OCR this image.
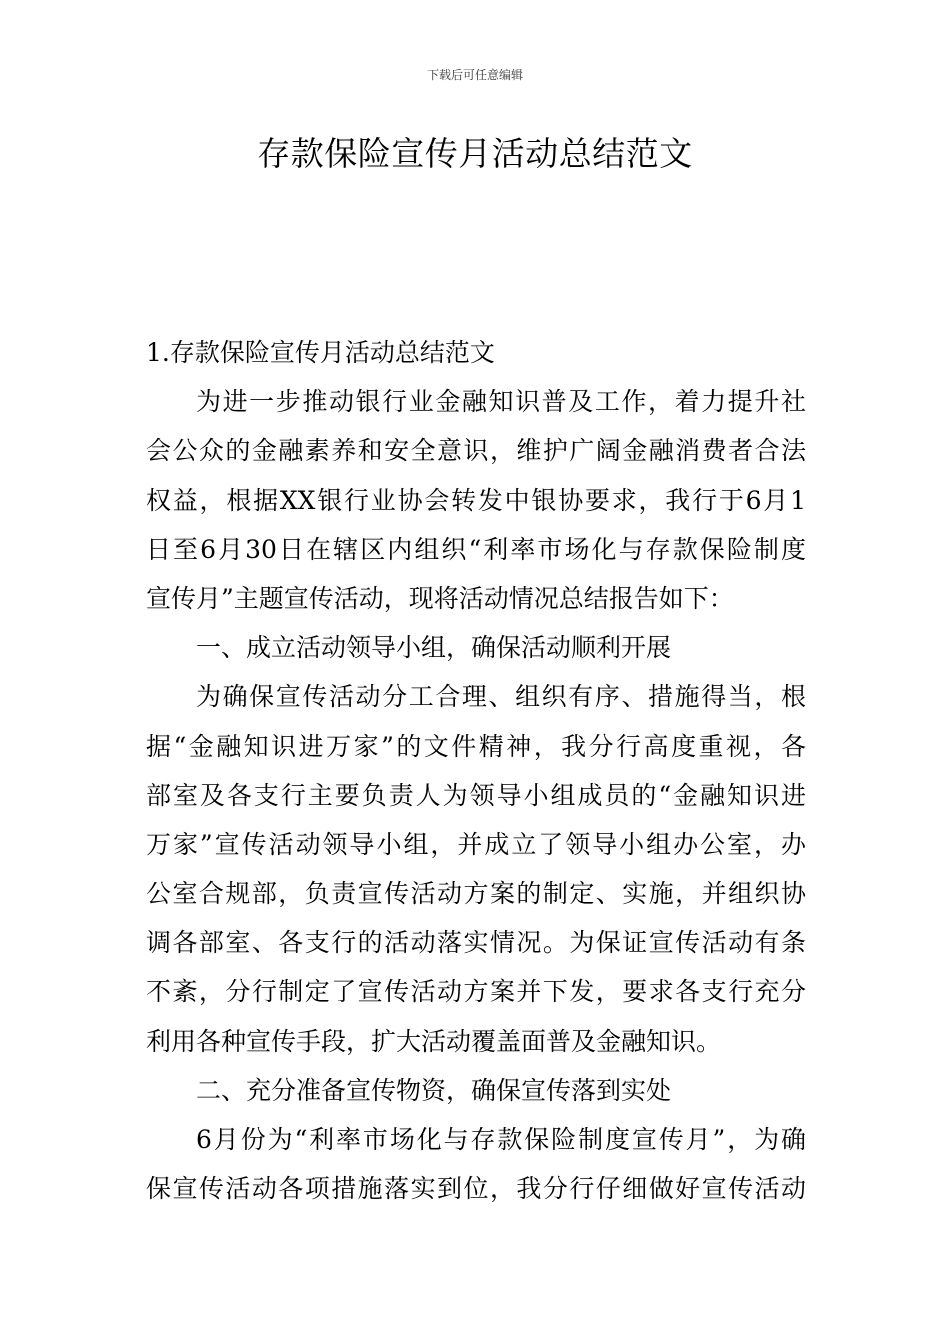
下载后可任意编辑
存款保险宣传月活动总结范文
1.存款保险宣传月活动总结范文
为进一步推动银行业金融知识普及工作，着力提升社
会公众的金融素养和安全意识，维护广阔金融消费者合法
权益，根据XX银行业协会转发中银协要求，我行于6月1
日至6月30日在辖区内组织“利率市场化与存款保险制度
宣传月”主题宣传活动，现将活动情况总结报告如下：
一、成立活动领导小组，确保活动顺利开展
为确保宣传活动分工合理、组织有序、措施得当，根
据“金融知识进万家”的文件精神，我分行高度重视，各
部室及各支行主要负责人为领导小组成员的“金融知识进
万家”宣传活动领导小组，并成立了领导小组办公室，办
公室合规部，负责宣传活动方案的制定、实施，并组织协
调各部室、各支行的活动落实情况。为保证宣传活动有条
不紊，分行制定了宣传活动方案并下发，要求各支行充分
利用各种宣传手段，扩大活动覆盖面普及金融知识。
二、充分准备宣传物资，确保宣传落到实处
6月份为“利率市场化与存款保险制度宣传月”，为确
保宣传活动各项措施落实到位，我分行仔细做好宣传活动
